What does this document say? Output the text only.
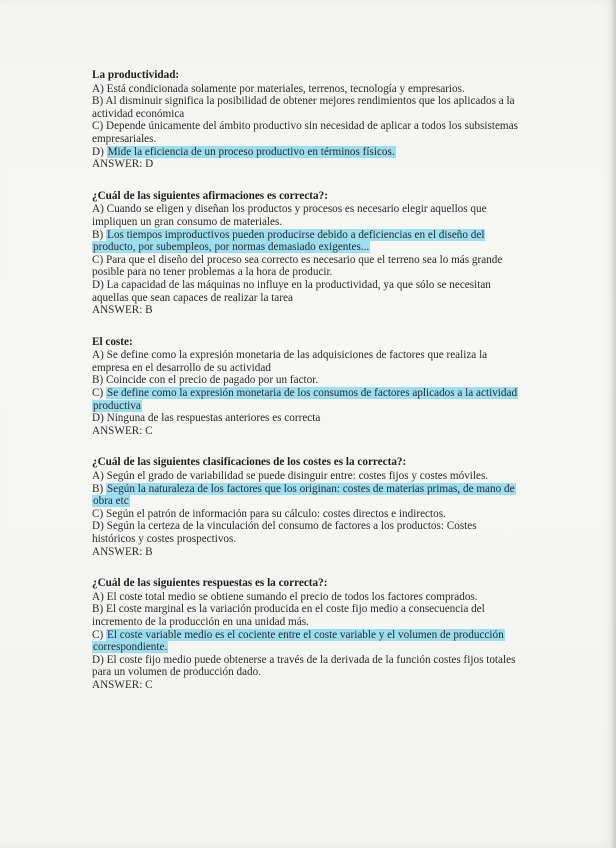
La productividad:
A) Está condicionada solamente por materiales, terrenos, tecnología y empresarios.
B) Al disminuir significa la posibilidad de obtener mejores rendimientos que los aplicados a la actividad económica
C) Depende únicamente del ámbito productivo sin necesidad de aplicar a todos los subsistemas empresariales.
D) Mide la eficiencia de un proceso productivo en términos físicos.
ANSWER: D
¿Cuál de las siguientes afirmaciones es correcta?:
A) Cuando se eligen y diseñan los productos y procesos es necesario elegir aquellos que impliquen un gran consumo de materiales.
B) Los tiempos improductivos pueden producirse debido a deficiencias en el diseño del producto, por subempleos, por normas demasiado exigentes...
C) Para que el diseño del proceso sea correcto es necesario que el terreno sea lo más grande posible para no tener problemas a la hora de producir.
D) La capacidad de las máquinas no influye en la productividad, ya que sólo se necesitan aquellas que sean capaces de realizar la tarea
ANSWER: B
El coste:
A) Se define como la expresión monetaria de las adquisiciones de factores que realiza la empresa en el desarrollo de su actividad
B) Coincide con el precio de pagado por un factor.
C) Se define como la expresión monetaria de los consumos de factores aplicados a la actividad productiva
D) Ninguna de las respuestas anteriores es correcta
ANSWER: C
¿Cuál de las siguientes clasificaciones de los costes es la correcta?:
A) Según el grado de variabilidad se puede disinguir entre: costes fijos y costes móviles.
B) Según la naturaleza de los factores que los originan: costes de materias primas, de mano de obra etc
C) Según el patrón de información para su cálculo: costes directos e indirectos.
D) Según la certeza de la vinculación del consumo de factores a los productos: Costes históricos y costes prospectivos.
ANSWER: B
¿Cuál de las siguientes respuestas es la correcta?:
A) El coste total medio se obtiene sumando el precio de todos los factores comprados.
B) El coste marginal es la variación producida en el coste fijo medio a consecuencia del incremento de la producción en una unidad más.
C) El coste variable medio es el cociente entre el coste variable y el volumen de producción correspondiente.
D) El coste fijo medio puede obtenerse a través de la derivada de la función costes fijos totales para un volumen de producción dado.
ANSWER: C
